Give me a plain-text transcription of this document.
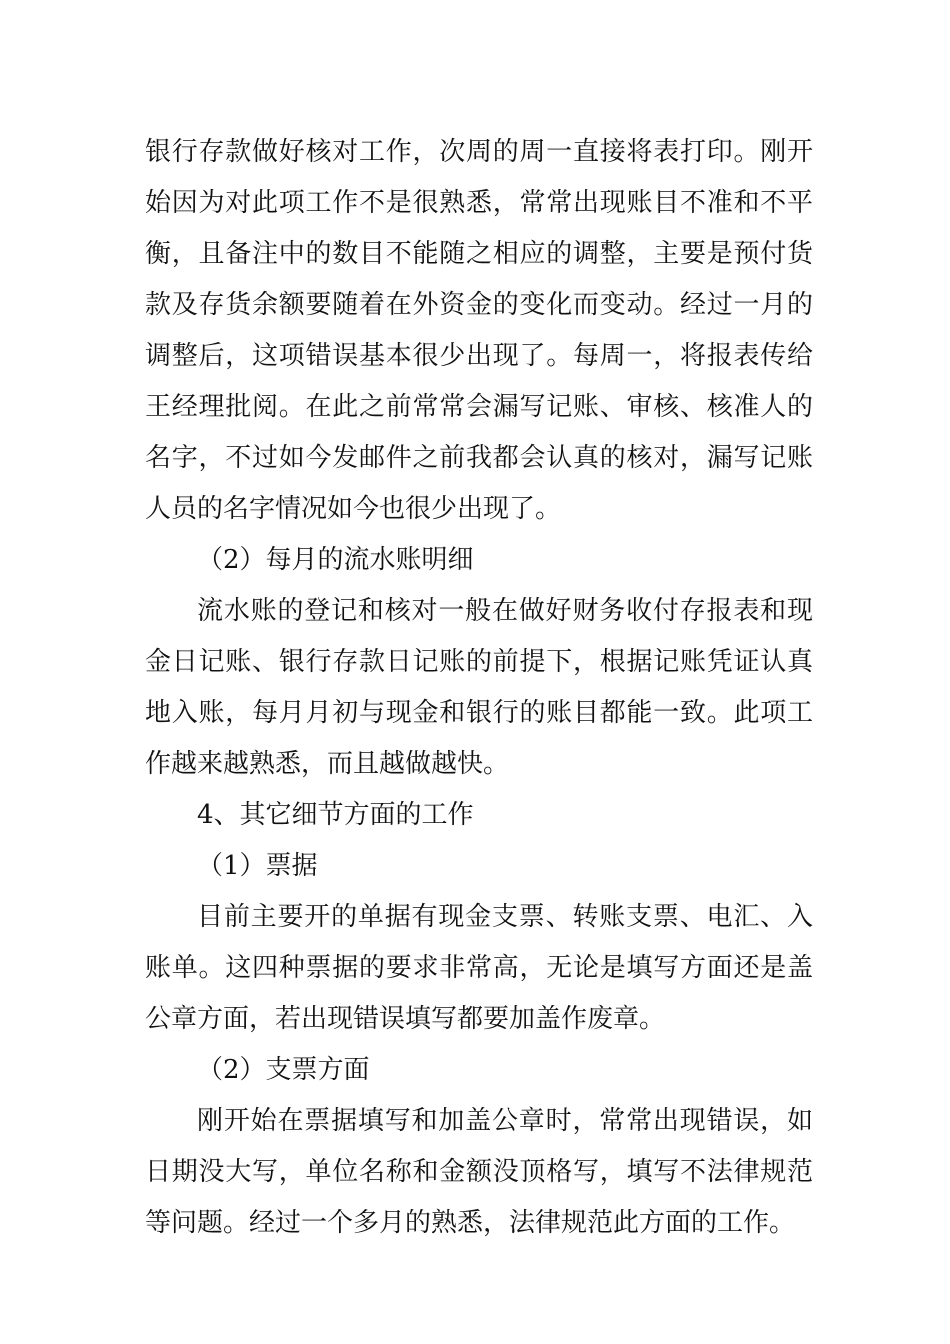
银行存款做好核对工作，次周的周一直接将表打印。刚开始因为对此项工作不是很熟悉，常常出现账目不准和不平衡，且备注中的数目不能随之相应的调整，主要是预付货款及存货余额要随着在外资金的变化而变动。经过一月的调整后，这项错误基本很少出现了。每周一，将报表传给王经理批阅。在此之前常常会漏写记账、审核、核准人的名字，不过如今发邮件之前我都会认真的核对，漏写记账人员的名字情况如今也很少出现了。

（2）每月的流水账明细

流水账的登记和核对一般在做好财务收付存报表和现金日记账、银行存款日记账的前提下，根据记账凭证认真地入账，每月月初与现金和银行的账目都能一致。此项工作越来越熟悉，而且越做越快。

4、其它细节方面的工作

（1）票据

目前主要开的单据有现金支票、转账支票、电汇、入账单。这四种票据的要求非常高，无论是填写方面还是盖公章方面，若出现错误填写都要加盖作废章。

（2）支票方面

刚开始在票据填写和加盖公章时，常常出现错误，如日期没大写，单位名称和金额没顶格写，填写不法律规范等问题。经过一个多月的熟悉，法律规范此方面的工作。
